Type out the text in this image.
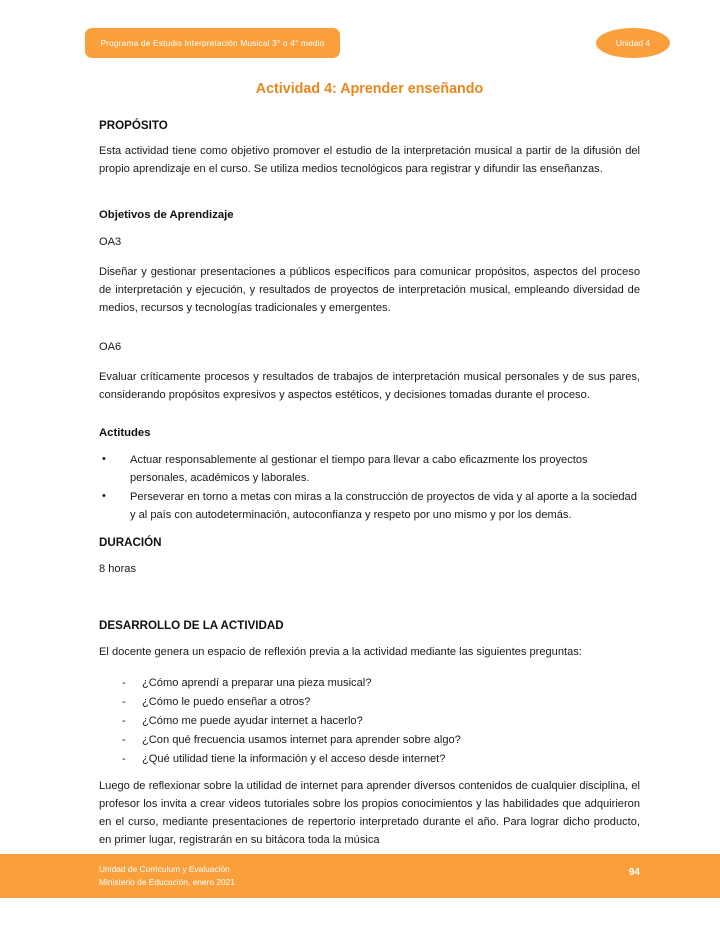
Programa de Estudio Interpretación Musical 3° o 4° medio	Unidad 4
Actividad 4: Aprender enseñando
PROPÓSITO

Esta actividad tiene como objetivo promover el estudio de la interpretación musical a partir de la difusión del propio aprendizaje en el curso. Se utiliza medios tecnológicos para registrar y difundir las enseñanzas.

Objetivos de Aprendizaje

OA3

Diseñar y gestionar presentaciones a públicos específicos para comunicar propósitos, aspectos del proceso de interpretación y ejecución, y resultados de proyectos de interpretación musical, empleando diversidad de medios, recursos y tecnologías tradicionales y emergentes.

OA6

Evaluar críticamente procesos y resultados de trabajos de interpretación musical personales y de sus pares, considerando propósitos expresivos y aspectos estéticos, y decisiones tomadas durante el proceso.

Actitudes
• Actuar responsablemente al gestionar el tiempo para llevar a cabo eficazmente los proyectos personales, académicos y laborales.
• Perseverar en torno a metas con miras a la construcción de proyectos de vida y al aporte a la sociedad y al país con autodeterminación, autoconfianza y respeto por uno mismo y por los demás.
DURACIÓN

8 horas

DESARROLLO DE LA ACTIVIDAD

El docente genera un espacio de reflexión previa a la actividad mediante las siguientes preguntas:

- ¿Cómo aprendí a preparar una pieza musical?
- ¿Cómo le puedo enseñar a otros?
- ¿Cómo me puede ayudar internet a hacerlo?
- ¿Con qué frecuencia usamos internet para aprender sobre algo?
- ¿Qué utilidad tiene la información y el acceso desde internet?

Luego de reflexionar sobre la utilidad de internet para aprender diversos contenidos de cualquier disciplina, el profesor los invita a crear videos tutoriales sobre los propios conocimientos y las habilidades que adquirieron en el curso, mediante presentaciones de repertorio interpretado durante el año. Para lograr dicho producto, en primer lugar, registrarán en su bitácora toda la música

Unidad de Curriculum y Evaluación
Ministerio de Educación, enero 2021
94
